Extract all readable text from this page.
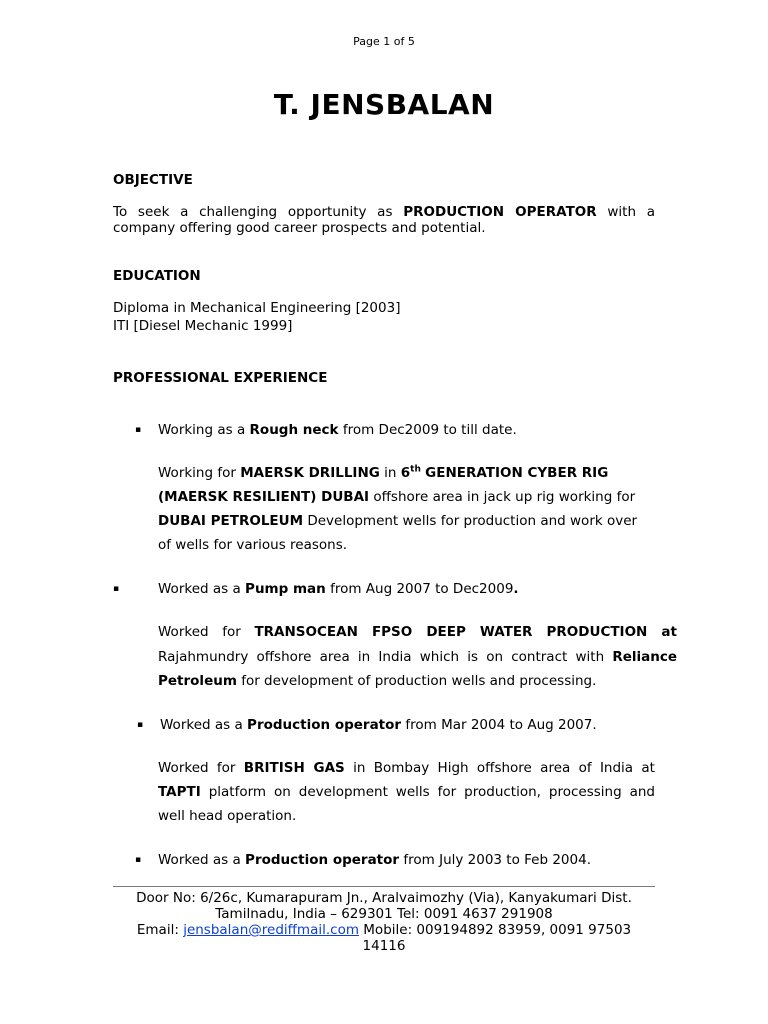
Page 1 of 5
T. JENSBALAN
OBJECTIVE
To seek a challenging opportunity as PRODUCTION OPERATOR with a
company offering good career prospects and potential.
EDUCATION
Diploma in Mechanical Engineering [2003]
ITI [Diesel Mechanic 1999]
PROFESSIONAL EXPERIENCE
▪ Working as a Rough neck from Dec2009 to till date.
Working for MAERSK DRILLING in 6th GENERATION CYBER RIG
(MAERSK RESILIENT) DUBAI offshore area in jack up rig working for
DUBAI PETROLEUM Development wells for production and work over
of wells for various reasons.
▪	Worked as a Pump man from Aug 2007 to Dec2009.
Worked for TRANSOCEAN FPSO DEEP WATER PRODUCTION at
Rajahmundry offshore area in India which is on contract with Reliance
Petroleum for development of production wells and processing.
▪ Worked as a Production operator from Mar 2004 to Aug 2007.
Worked for BRITISH GAS in Bombay High offshore area of India at
TAPTI platform on development wells for production, processing and
well head operation.
▪ Worked as a Production operator from July 2003 to Feb 2004.
Door No: 6/26c, Kumarapuram Jn., Aralvaimozhy (Via), Kanyakumari Dist.
Tamilnadu, India – 629301 Tel: 0091 4637 291908
Email: jensbalan@rediffmail.com Mobile: 009194892 83959, 0091 97503
14116
